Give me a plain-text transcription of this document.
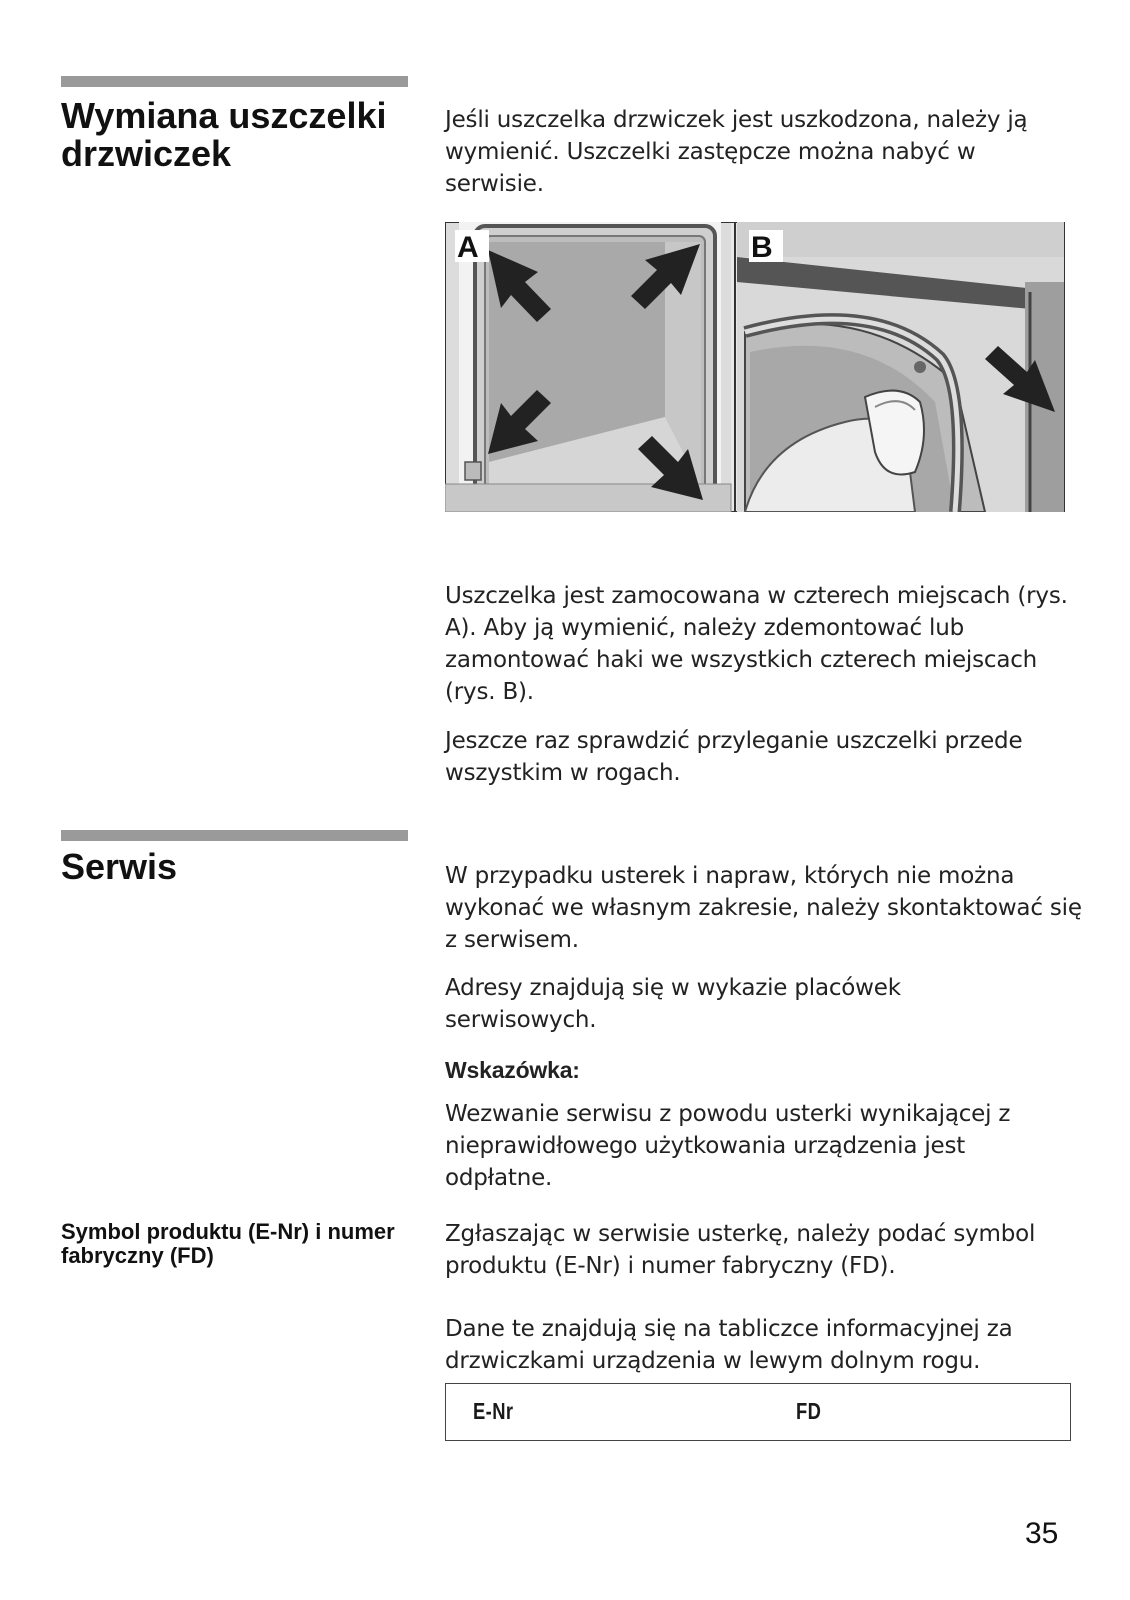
Wymiana uszczelki drzwiczek

Jeśli uszczelka drzwiczek jest uszkodzona, należy ją wymienić. Uszczelki zastępcze można nabyć w serwisie.

A	B

Uszczelka jest zamocowana w czterech miejscach (rys. A). Aby ją wymienić, należy zdemontować lub zamontować haki we wszystkich czterech miejscach (rys. B).

Jeszcze raz sprawdzić przyleganie uszczelki przede wszystkim w rogach.

Serwis	W przypadku usterek i napraw, których nie można wykonać we własnym zakresie, należy skontaktować się z serwisem.

Adresy znajdują się w wykazie placówek serwisowych.

Wskazówka:

Wezwanie serwisu z powodu usterki wynikającej z nieprawidłowego użytkowania urządzenia jest odpłatne.

Symbol produktu (E-Nr) i numer fabryczny (FD)

Zgłaszając w serwisie usterkę, należy podać symbol produktu (E-Nr) i numer fabryczny (FD).

Dane te znajdują się na tabliczce informacyjnej za drzwiczkami urządzenia w lewym dolnym rogu.

E-Nr	FD
35
